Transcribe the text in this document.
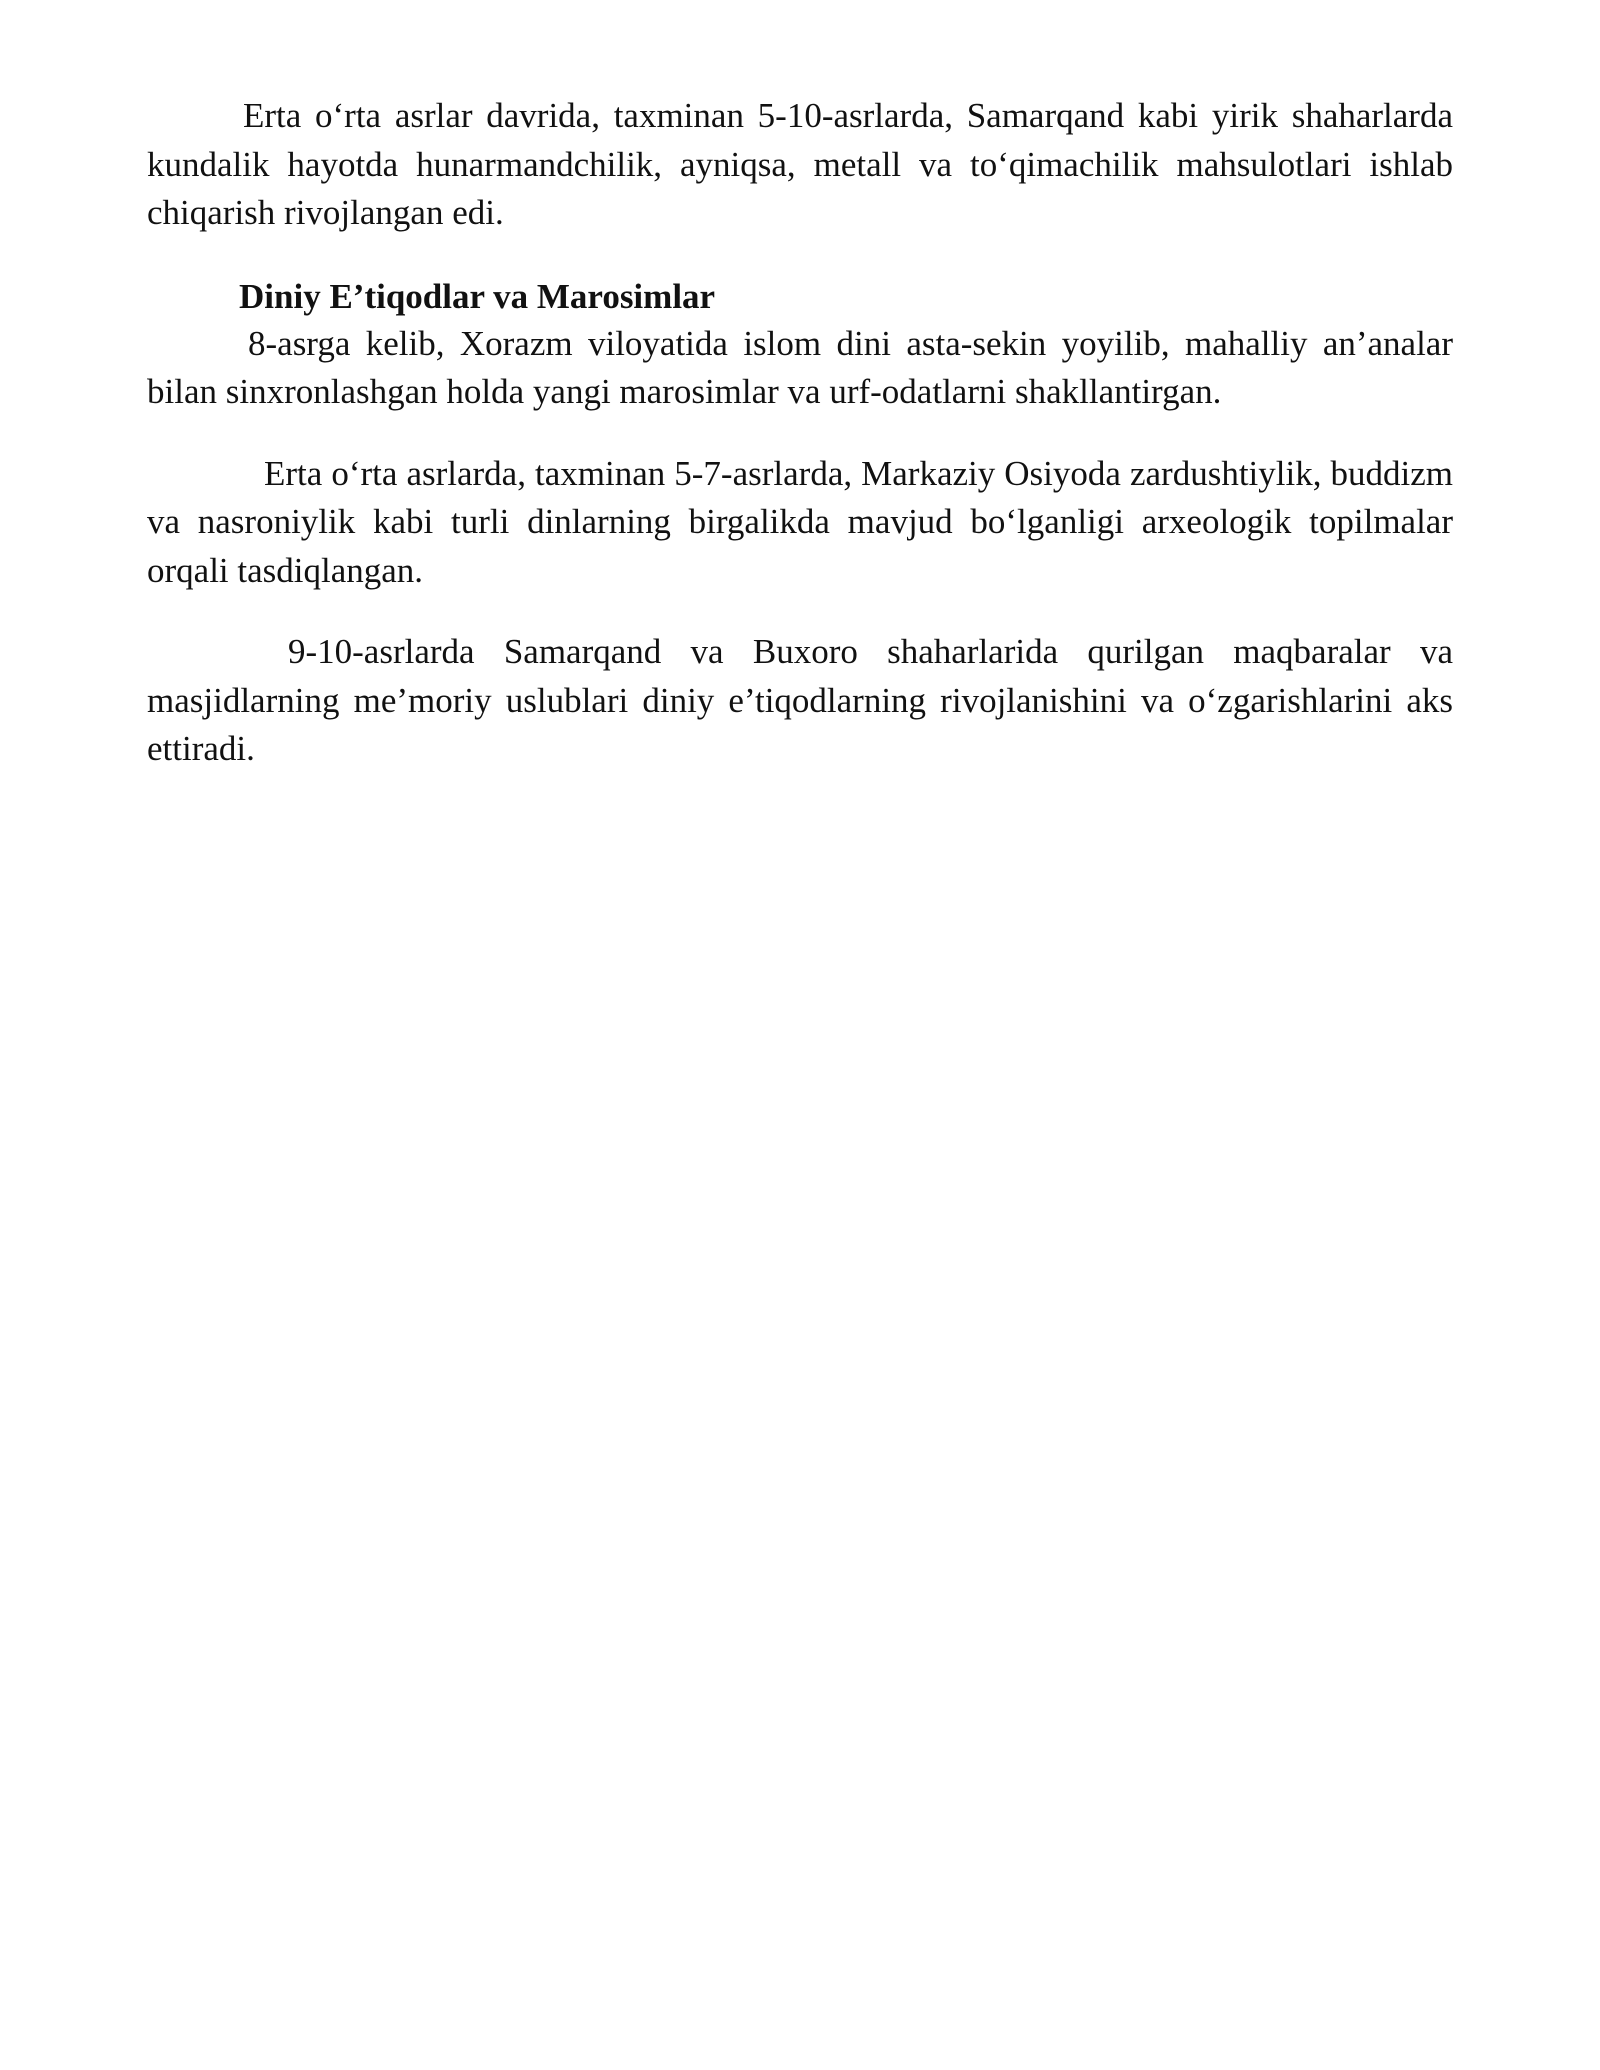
Erta o‘rta asrlar davrida, taxminan 5-10-asrlarda, Samarqand kabi yirik shaharlarda kundalik hayotda hunarmandchilik, ayniqsa, metall va to‘qimachilik mahsulotlari ishlab chiqarish rivojlangan edi.

Diniy E’tiqodlar va Marosimlar

8-asrga kelib, Xorazm viloyatida islom dini asta-sekin yoyilib, mahalliy an’analar bilan sinxronlashgan holda yangi marosimlar va urf-odatlarni shakllantirgan.

Erta o‘rta asrlarda, taxminan 5-7-asrlarda, Markaziy Osiyoda zardushtiylik, buddizm va nasroniylik kabi turli dinlarning birgalikda mavjud bo‘lganligi arxeologik topilmalar orqali tasdiqlangan.

9-10-asrlarda Samarqand va Buxoro shaharlarida qurilgan maqbaralar va masjidlarning me’moriy uslublari diniy e’tiqodlarning rivojlanishini va o‘zgarishlarini aks ettiradi.
